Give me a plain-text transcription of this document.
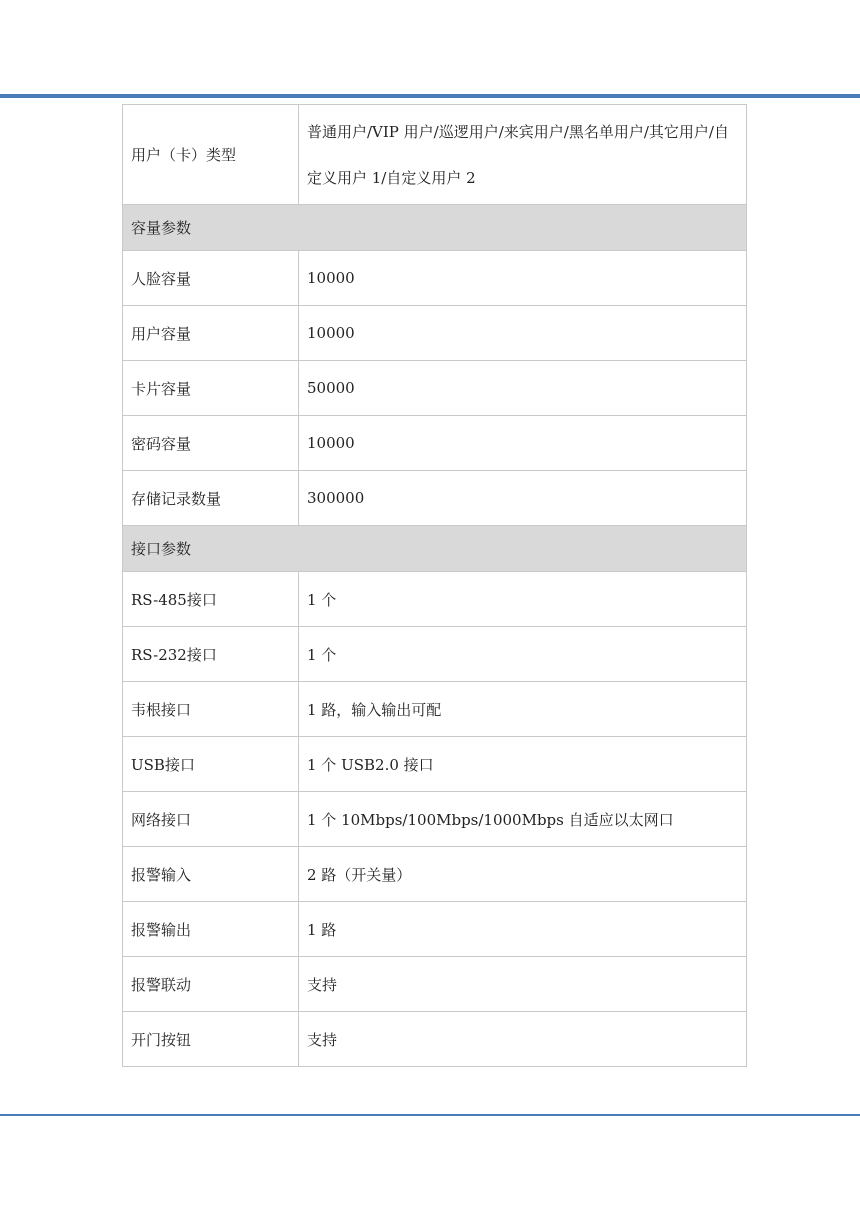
用户（卡）类型	普通用户/VIP 用户/巡逻用户/来宾用户/黑名单用户/其它用户/自定义用户 1/自定义用户 2
容量参数	
人脸容量	10000
用户容量	10000
卡片容量	50000
密码容量	10000
存储记录数量	300000
接口参数	
RS-485接口	1 个
RS-232接口	1 个
韦根接口	1 路，输入输出可配
USB接口	1 个 USB2.0 接口
网络接口	1 个 10Mbps/100Mbps/1000Mbps 自适应以太网口
报警输入	2 路（开关量）
报警输出	1 路
报警联动	支持
开门按钮	支持
